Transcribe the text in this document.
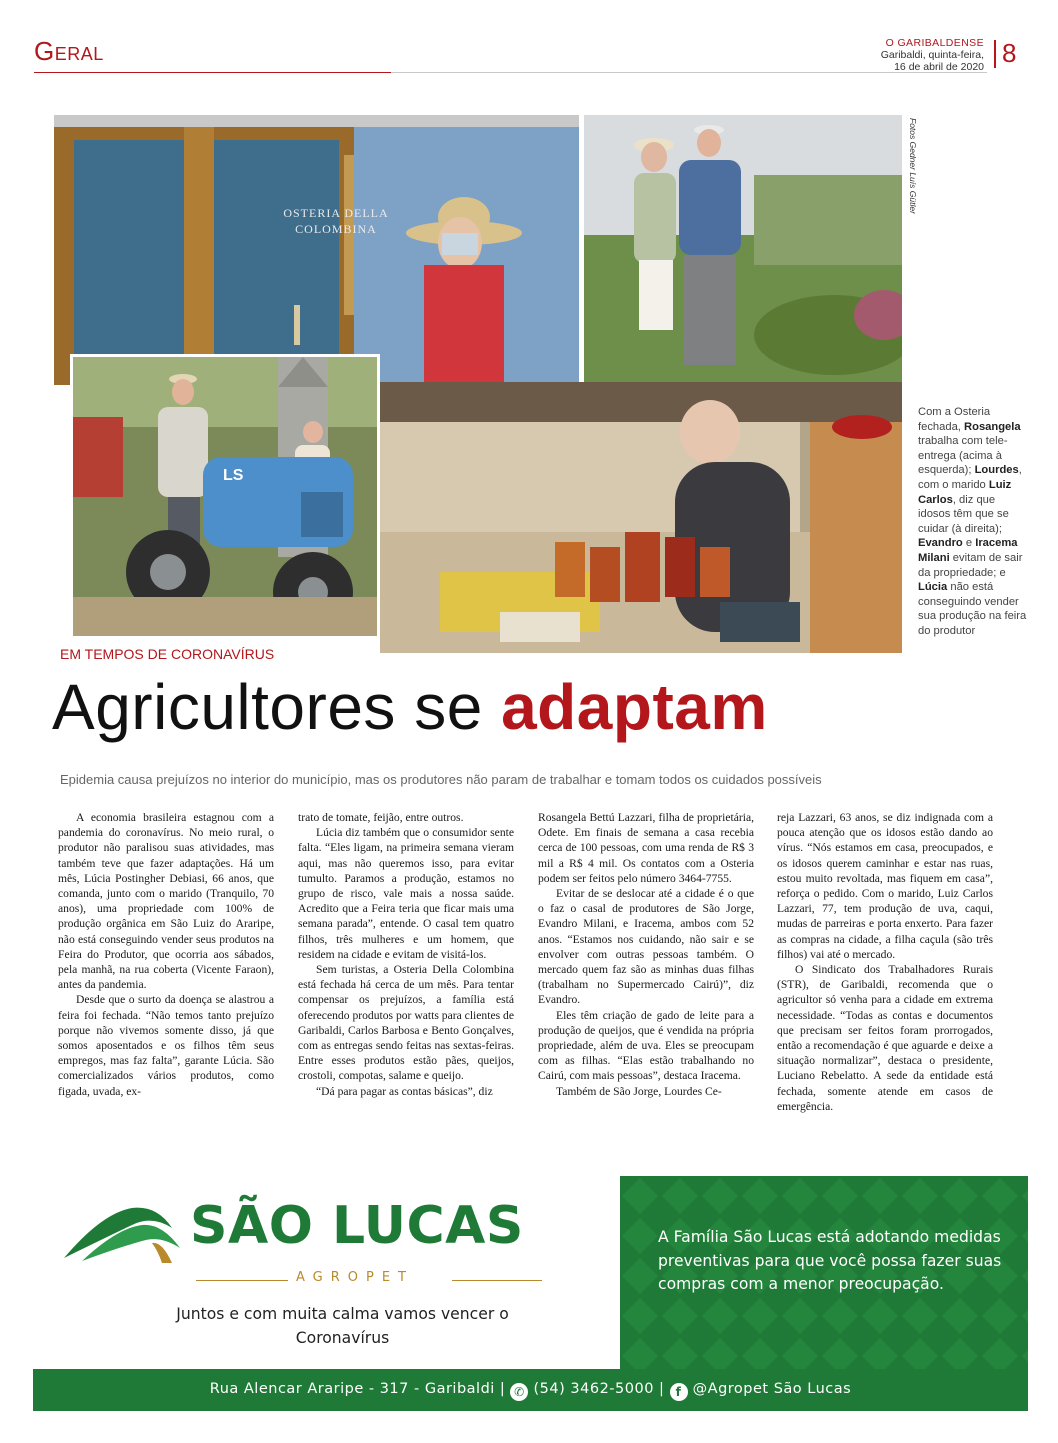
Geral	O GARIBALDENSE
Garibaldi, quinta-feira,
16 de abril de 2020 8
OSTERIA DELLA COLOMBINA
LS
Fotos Gedner Luís Gütler
Com a Osteria fechada, Rosangela trabalha com tele-entrega (acima à esquerda); Lourdes, com o marido Luiz Carlos, diz que idosos têm que se cuidar (à direita); Evandro e Iracema Milani evitam de sair da propriedade; e Lúcia não está conseguindo vender sua produção na feira do produtor
EM TEMPOS DE CORONAVÍRUS
Agricultores se adaptam
Epidemia causa prejuízos no interior do município, mas os produtores não param de trabalhar e tomam todos os cuidados possíveis

A economia brasileira estagnou com a pandemia do coronavírus. No meio rural, o produtor não paralisou suas atividades, mas também teve que fazer adaptações. Há um mês, Lúcia Postingher Debiasi, 66 anos, que comanda, junto com o marido (Tranquilo, 70 anos), uma propriedade com 100% de produção orgânica em São Luiz do Araripe, não está conseguindo vender seus produtos na Feira do Produtor, que ocorria aos sábados, pela manhã, na rua coberta (Vicente Faraon), antes da pandemia.

Desde que o surto da doença se alastrou a feira foi fechada. “Não temos tanto prejuízo porque não vivemos somente disso, já que somos aposentados e os filhos têm seus empregos, mas faz falta”, garante Lúcia. São comercializados vários produtos, como figada, uvada, ex-

trato de tomate, feijão, entre outros.

Lúcia diz também que o consumidor sente falta. “Eles ligam, na primeira semana vieram aqui, mas não queremos isso, para evitar tumulto. Paramos a produção, estamos no grupo de risco, vale mais a nossa saúde. Acredito que a Feira teria que ficar mais uma semana parada”, entende. O casal tem quatro filhos, três mulheres e um homem, que residem na cidade e evitam de visitá-los.

Sem turistas, a Osteria Della Colombina está fechada há cerca de um mês. Para tentar compensar os prejuízos, a família está oferecendo produtos por watts para clientes de Garibaldi, Carlos Barbosa e Bento Gonçalves, com as entregas sendo feitas nas sextas-feiras. Entre esses produtos estão pães, queijos, crostoli, compotas, salame e queijo.

“Dá para pagar as contas básicas”, diz

Rosangela Bettú Lazzari, filha de proprietária, Odete. Em finais de semana a casa recebia cerca de 100 pessoas, com uma renda de R$ 3 mil a R$ 4 mil. Os contatos com a Osteria podem ser feitos pelo número 3464-7755.

Evitar de se deslocar até a cidade é o que o faz o casal de produtores de São Jorge, Evandro Milani, e Iracema, ambos com 52 anos. “Estamos nos cuidando, não sair e se envolver com outras pessoas também. O mercado quem faz são as minhas duas filhas (trabalham no Supermercado Cairú)”, diz Evandro.

Eles têm criação de gado de leite para a produção de queijos, que é vendida na própria propriedade, além de uva. Eles se preocupam com as filhas. “Elas estão trabalhando no Cairú, com mais pessoas”, destaca Iracema.

Também de São Jorge, Lourdes Ce-

reja Lazzari, 63 anos, se diz indignada com a pouca atenção que os idosos estão dando ao vírus. “Nós estamos em casa, preocupados, e os idosos querem caminhar e estar nas ruas, estou muito revoltada, mas fiquem em casa”, reforça o pedido. Com o marido, Luiz Carlos Lazzari, 77, tem produção de uva, caqui, mudas de parreiras e porta enxerto. Para fazer as compras na cidade, a filha caçula (são três filhos) vai até o mercado.

O Sindicato dos Trabalhadores Rurais (STR), de Garibaldi, recomenda que o agricultor só venha para a cidade em extrema necessidade. “Todas as contas e documentos que precisam ser feitos foram prorrogados, então a recomendação é que aguarde e deixe a situação normalizar”, destaca o presidente, Luciano Rebelatto. A sede da entidade está fechada, somente atende em casos de emergência.

SÃO LUCAS
AGROPET
Juntos e com muita calma vamos vencer o
Coronavírus
A Família São Lucas está adotando medidas preventivas para que você possa fazer suas compras com a menor preocupação.
Rua Alencar Araripe - 317 - Garibaldi | ✆ (54) 3462-5000 | f @Agropet São Lucas
